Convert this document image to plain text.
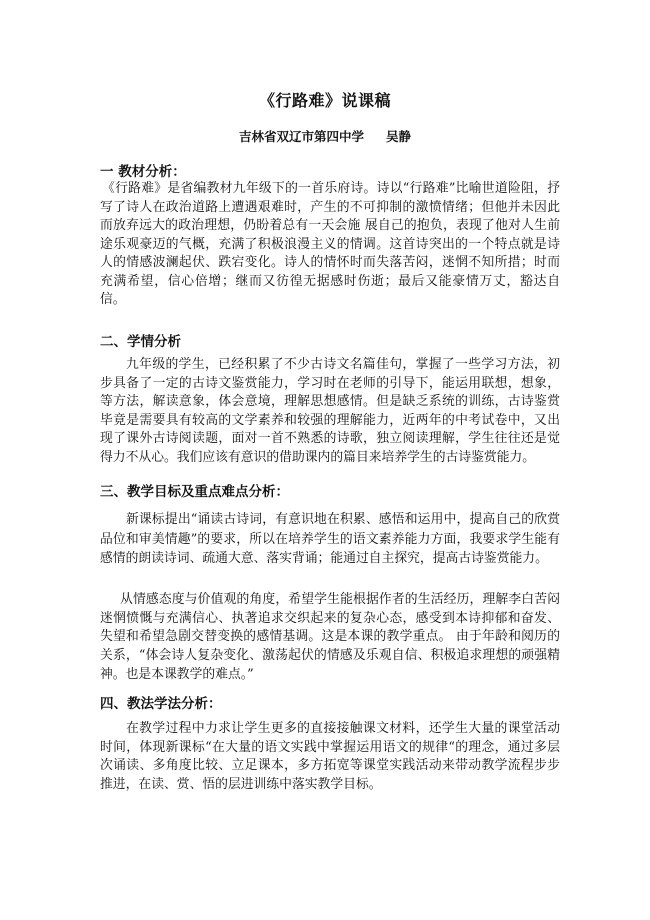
《行路难》说课稿
吉林省双辽市第四中学 吴静
一 教材分析：

《行路难》是省编教材九年级下的一首乐府诗。诗以“行路难”比喻世道险阻，抒写了诗人在政治道路上遭遇艰难时，产生的不可抑制的激愤情绪；但他并未因此而放弃远大的政治理想，仍盼着总有一天会施 展自己的抱负，表现了他对人生前途乐观豪迈的气概，充满了积极浪漫主义的情调。这首诗突出的一个特点就是诗人的情感波澜起伏、跌宕变化。诗人的情怀时而失落苦闷，迷惘不知所措；时而充满希望，信心倍增；继而又彷徨无据感时伤逝；最后又能豪情万丈，豁达自信。

二、学情分析

九年级的学生，已经积累了不少古诗文名篇佳句，掌握了一些学习方法，初步具备了一定的古诗文鉴赏能力，学习时在老师的引导下，能运用联想，想象，等方法，解读意象，体会意境，理解思想感情。但是缺乏系统的训练，古诗鉴赏毕竟是需要具有较高的文学素养和较强的理解能力，近两年的中考试卷中，又出现了课外古诗阅读题，面对一首不熟悉的诗歌，独立阅读理解，学生往往还是觉得力不从心。我们应该有意识的借助课内的篇目来培养学生的古诗鉴赏能力。

三、教学目标及重点难点分析：

新课标提出“诵读古诗词，有意识地在积累、感悟和运用中，提高自己的欣赏品位和审美情趣”的要求，所以在培养学生的语文素养能力方面，我要求学生能有感情的朗读诗词、疏通大意、落实背诵；能通过自主探究，提高古诗鉴赏能力。

从情感态度与价值观的角度，希望学生能根据作者的生活经历，理解李白苦闷迷惘愤慨与充满信心、执著追求交织起来的复杂心态，感受到本诗抑郁和奋发、失望和希望急剧交替变换的感情基调。这是本课的教学重点。 由于年龄和阅历的关系，“体会诗人复杂变化、激荡起伏的情感及乐观自信、积极追求理想的顽强精神。也是本课教学的难点。”

四、教法学法分析：

在教学过程中力求让学生更多的直接接触课文材料，还学生大量的课堂活动时间，体现新课标“在大量的语文实践中掌握运用语文的规律“的理念，通过多层次诵读、多角度比较、立足课本，多方拓宽等课堂实践活动来带动教学流程步步推进，在读、赏、悟的层进训练中落实教学目标。
